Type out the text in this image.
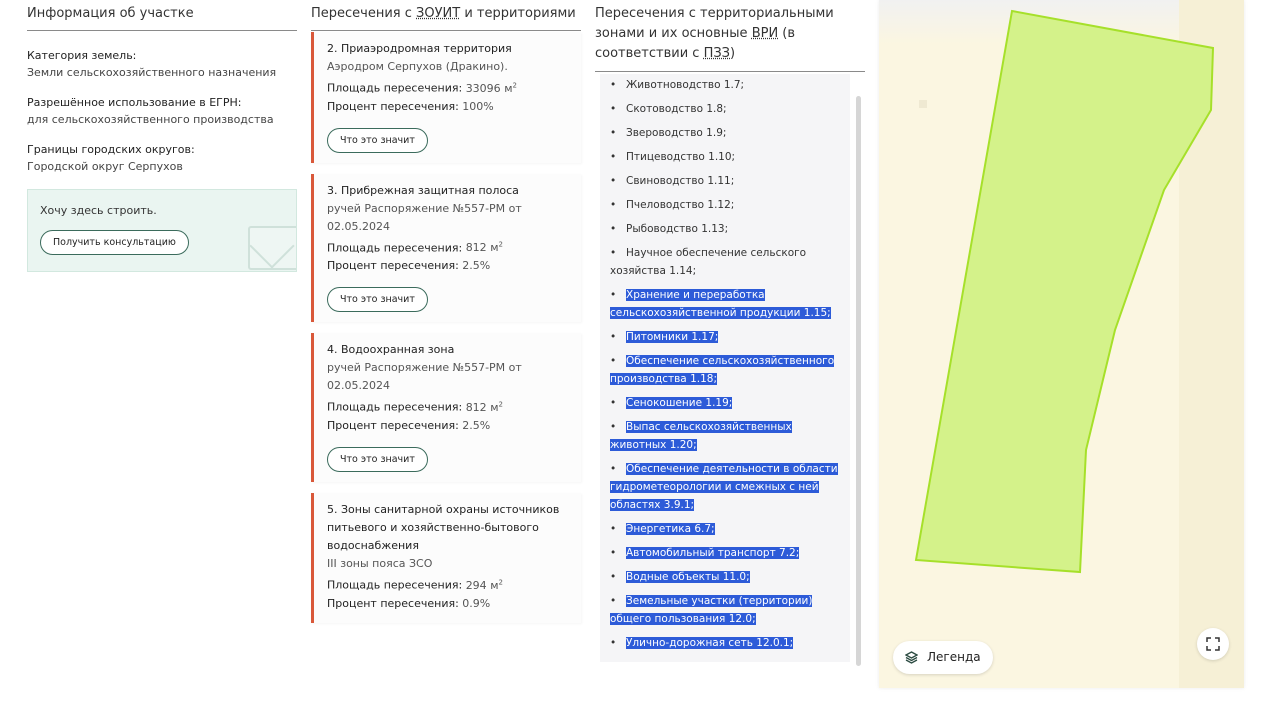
Информация об участке
Категория земель:
Земли сельскохозяйственного назначения
Разрешённое использование в ЕГРН:
для сельскохозяйственного производства
Границы городских округов:
Городской округ Серпухов
Хочу здесь строить.
Получить консультацию
Пересечения с ЗОУИТ и территориями
2. Приаэродромная территория
Аэродром Серпухов (Дракино).
Площадь пересечения: 33096 $м^2$
Процент пересечения: 100%
Что это значит
3. Прибрежная защитная полоса
ручей Распоряжение №557-РМ от 02.05.2024
Площадь пересечения: 812 $м^2$
Процент пересечения: 2.5%
Что это значит
4. Водоохранная зона
ручей Распоряжение №557-РМ от 02.05.2024
Площадь пересечения: 812 $м^2$
Процент пересечения: 2.5%
Что это значит
5. Зоны санитарной охраны источников питьевого и хозяйственно-бытового водоснабжения
III зоны пояса ЗСО
Площадь пересечения: 294 $м^2$
Процент пересечения: 0.9%
Пересечения с территориальными зонами и их основные ВРИ (в соответствии с ПЗЗ)
• Животноводство 1.7;
• Скотоводство 1.8;
• Звероводство 1.9;
• Птицеводство 1.10;
• Свиноводство 1.11;
• Пчеловодство 1.12;
• Рыбоводство 1.13;
• Научное обеспечение сельского хозяйства 1.14;
• Хранение и переработка сельскохозяйственной продукции 1.15;
• Питомники 1.17;
• Обеспечение сельскохозяйственного производства 1.18;
• Сенокошение 1.19;
• Выпас сельскохозяйственных животных 1.20;
• Обеспечение деятельности в области гидрометеорологии и смежных с ней областях 3.9.1;
• Энергетика 6.7;
• Автомобильный транспорт 7.2;
• Водные объекты 11.0;
• Земельные участки (территории) общего пользования 12.0;
• Улично-дорожная сеть 12.0.1;
Легенда
